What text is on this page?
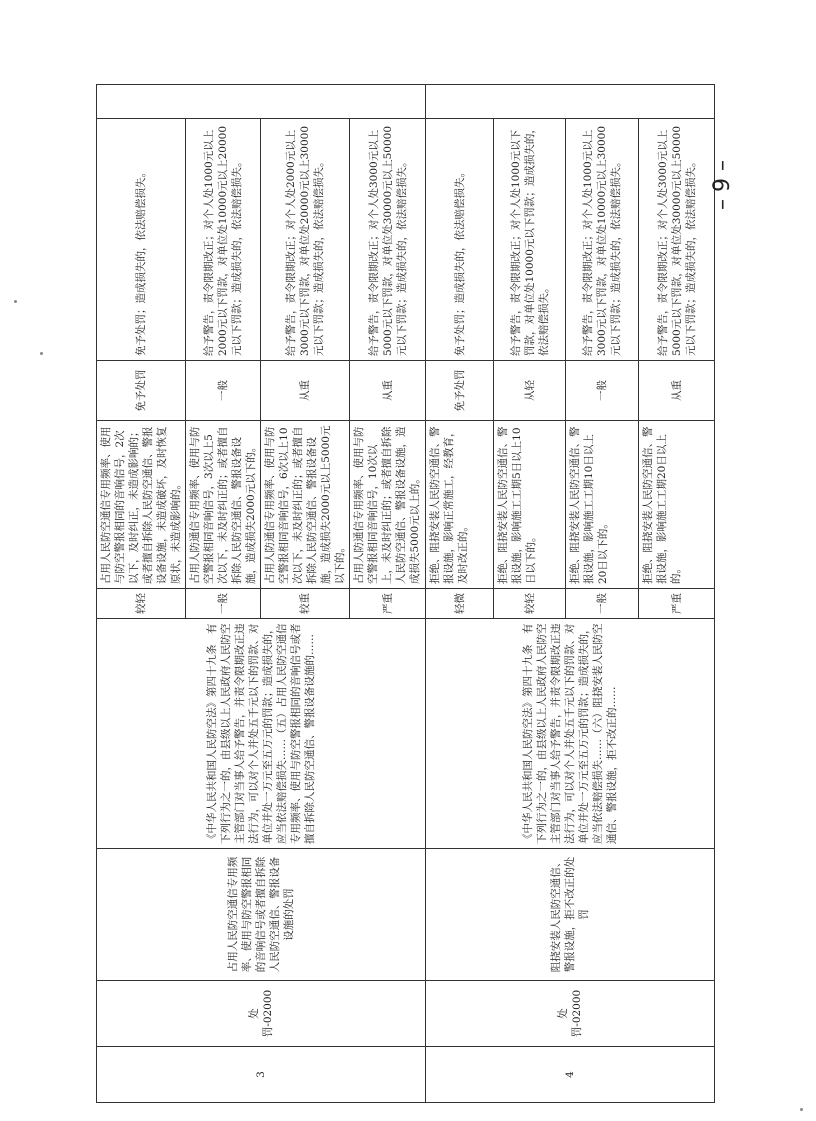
3	处罚-02000	占用人民防空通信专用频率、使用与防空警报相同的音响信号或者擅自拆除人民防空通信、警报设备设施的处罚	《中华人民共和国人民防空法》第四十九条　有下列行为之一的，由县级以上人民政府人民防空主管部门对当事人给予警告，并责令限期改正违法行为，可以对个人并处五千元以下的罚款、对单位并处一万元至五万元的罚款；造成损失的，应当依法赔偿损失……（五）占用人民防空通信专用频率、使用与防空警报相同的音响信号或者擅自拆除人民防空通信、警报设备设施的……	较轻	占用人民防空通信专用频率、使用与防空警报相同的音响信号，2次以下，及时纠正，未造成影响的；或者擅自拆除人民防空通信、警报设备设施，未造成破坏，及时恢复原状，未造成影响的。	免予处罚	免予处罚；造成损失的，依法赔偿损失。	
				一般	占用人防通信专用频率、使用与防空警报相同音响信号，3次以上5次以下，未及时纠正的；或者擅自拆除人民防空通信、警报设备设施，造成损失2000元以下的。	一般	给予警告，责令限期改正；对个人处1000元以上2000元以下罚款，对单位处10000元以上20000元以下罚款；造成损失的，依法赔偿损失。	
				较重	占用人防通信专用频率、使用与防空警报相同音响信号，6次以上10次以下，未及时纠正的；或者擅自拆除人民防空通信、警报设备设施，造成损失2000元以上5000元以下的。	从重	给予警告，责令限期改正；对个人处2000元以上3000元以下罚款，对单位处20000元以上30000元以下罚款；造成损失的，依法赔偿损失。	
				严重	占用人防通信专用频率、使用与防空警报相同音响信号，10次以上，未及时纠正的；或者擅自拆除人民防空通信、警报设备设施，造成损失5000元以上的。	从重	给予警告，责令限期改正；对个人处3000元以上5000元以下罚款，对单位处30000元以上50000元以下罚款；造成损失的，依法赔偿损失。	
4	处罚-02000	阻挠安装人民防空通信、警报设施，拒不改正的处罚	《中华人民共和国人民防空法》第四十九条　有下列行为之一的，由县级以上人民政府人民防空主管部门对当事人给予警告，并责令限期改正违法行为，可以对个人并处五千元以下的罚款、对单位并处一万元至五万元的罚款；造成损失的，应当依法赔偿损失……（六）阻挠安装人民防空通信、警报设施，拒不改正的……	轻微	拒绝、阻挠安装人民防空通信、警报设施，影响正常施工，经教育，及时改正的。	免予处罚	免予处罚；造成损失的，依法赔偿损失。	
				较轻	拒绝、阻挠安装人民防空通信、警报设施，影响施工工期5日以上10日以下的。	从轻	给予警告，责令限期改正；对个人处1000元以下罚款，对单位处10000元以下罚款；造成损失的，依法赔偿损失。	
				一般	拒绝、阻挠安装人民防空通信、警报设施，影响施工工期10日以上20日以下的。	一般	给予警告，责令限期改正；对个人处1000元以上3000元以下罚款，对单位处10000元以上30000元以下罚款；造成损失的，依法赔偿损失。	
				严重	拒绝、阻挠安装人民防空通信、警报设施，影响施工工期20日以上的。	从重	给予警告，责令限期改正；对个人处3000元以上5000元以下罚款，对单位处30000元以上50000元以下罚款；造成损失的，依法赔偿损失。	– 9 –
